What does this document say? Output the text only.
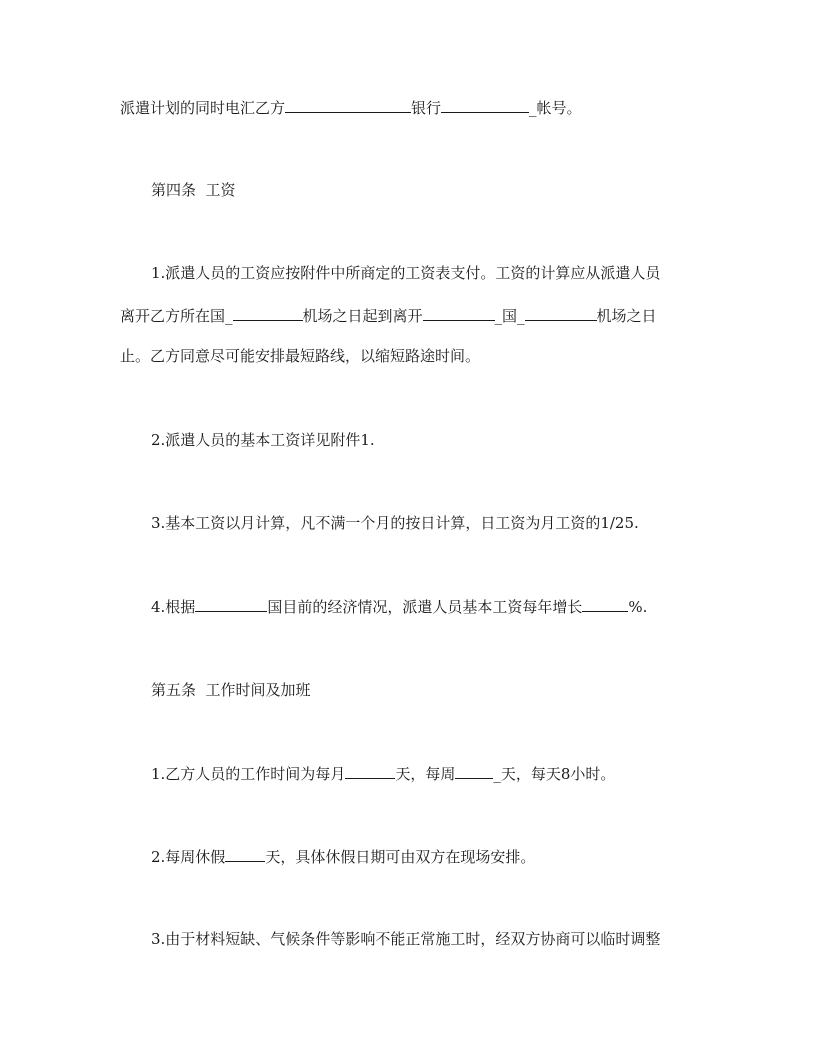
派遣计划的同时电汇乙方	银行	_帐号。
第四条  工资
1.派遣人员的工资应按附件中所商定的工资表支付。工资的计算应从派遣人员
离开乙方所在国_	机场之日起到离开	_国_	机场之日
止。乙方同意尽可能安排最短路线，以缩短路途时间。
2.派遣人员的基本工资详见附件1.
3.基本工资以月计算，凡不满一个月的按日计算，日工资为月工资的1/25.
4.根据	国目前的经济情况，派遣人员基本工资每年增长	%.
第五条  工作时间及加班
1.乙方人员的工作时间为每月	天，每周	_天，每天8小时。
2.每周休假	天，具体休假日期可由双方在现场安排。
3.由于材料短缺、气候条件等影响不能正常施工时，经双方协商可以临时调整
